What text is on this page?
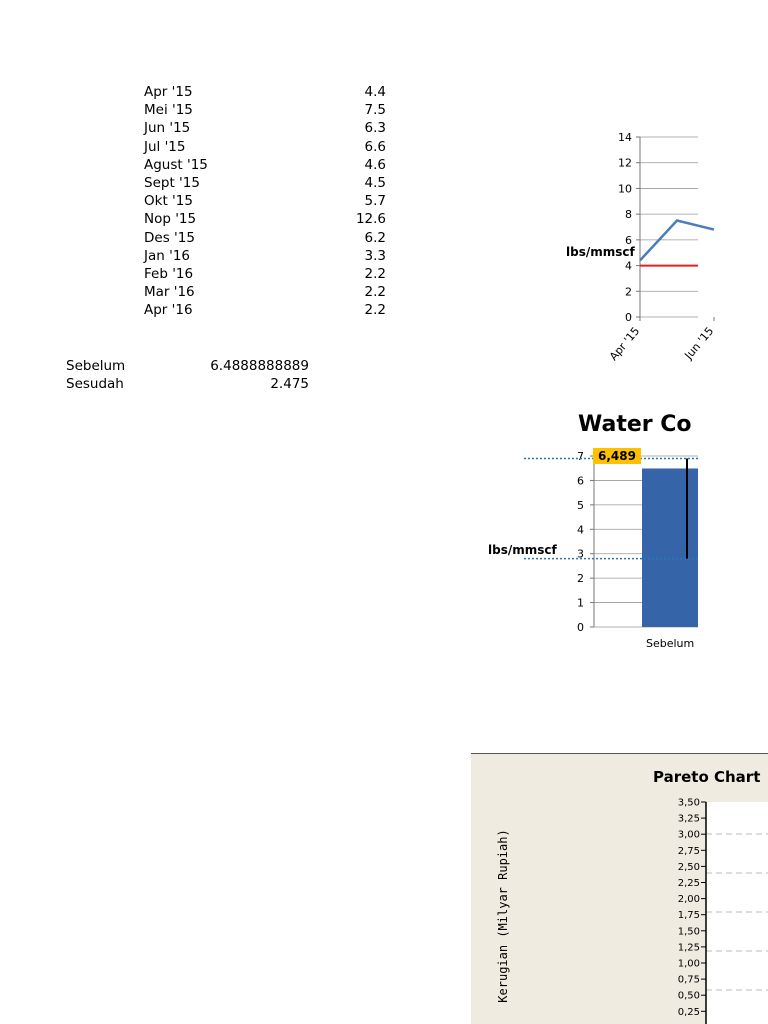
0
2
4
6
8
10
12
14
Apr '15	Jun '15
lbs/mmscf
Water Co
0
1
2
3
4
5
6
7
Sebelum
6,489
lbs/mmscf
Pareto Chart
3,50
3,25
3,00
2,75
2,50
2,25
2,00
1,75
1,50
1,25
1,00
0,75
0,50
0,25
Kerugian (Milyar Rupiah)
Apr '15	4.4
Mei '15	7.5
Jun '15	6.3
Jul '15	6.6
Agust '15	4.6
Sept '15	4.5
Okt '15	5.7
Nop '15	12.6
Des '15	6.2
Jan '16	3.3
Feb '16	2.2
Mar '16	2.2
Apr '16	2.2
Sebelum	6.4888888889
Sesudah	2.475
